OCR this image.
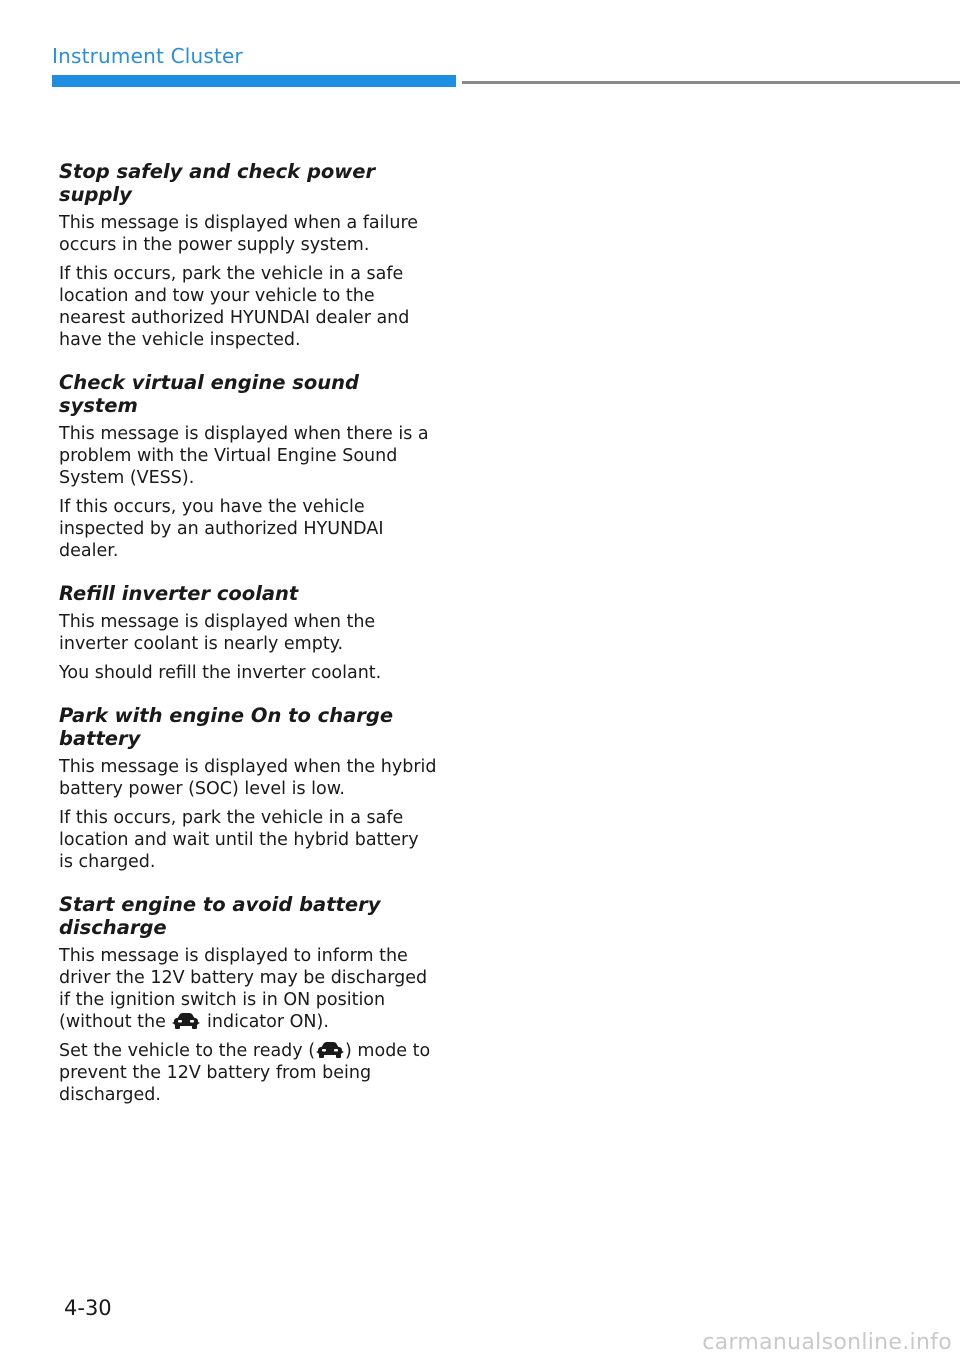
Instrument Cluster
Stop safely and check power supply

This message is displayed when a failure occurs in the power supply system.

If this occurs, park the vehicle in a safe location and tow your vehicle to the nearest authorized HYUNDAI dealer and have the vehicle inspected.

Check virtual engine sound system

This message is displayed when there is a problem with the Virtual Engine Sound System (VESS).

If this occurs, you have the vehicle inspected by an authorized HYUNDAI dealer.

Refill inverter coolant

This message is displayed when the inverter coolant is nearly empty.

You should refill the inverter coolant.

Park with engine On to charge battery

This message is displayed when the hybrid battery power (SOC) level is low.

If this occurs, park the vehicle in a safe location and wait until the hybrid battery is charged.

Start engine to avoid battery discharge

This message is displayed to inform the driver the 12V battery may be discharged if the ignition switch is in ON position
(without the  indicator ON).

Set the vehicle to the ready ( ) mode to prevent the 12V battery from being discharged.

4-30
carmanualsonline.info
